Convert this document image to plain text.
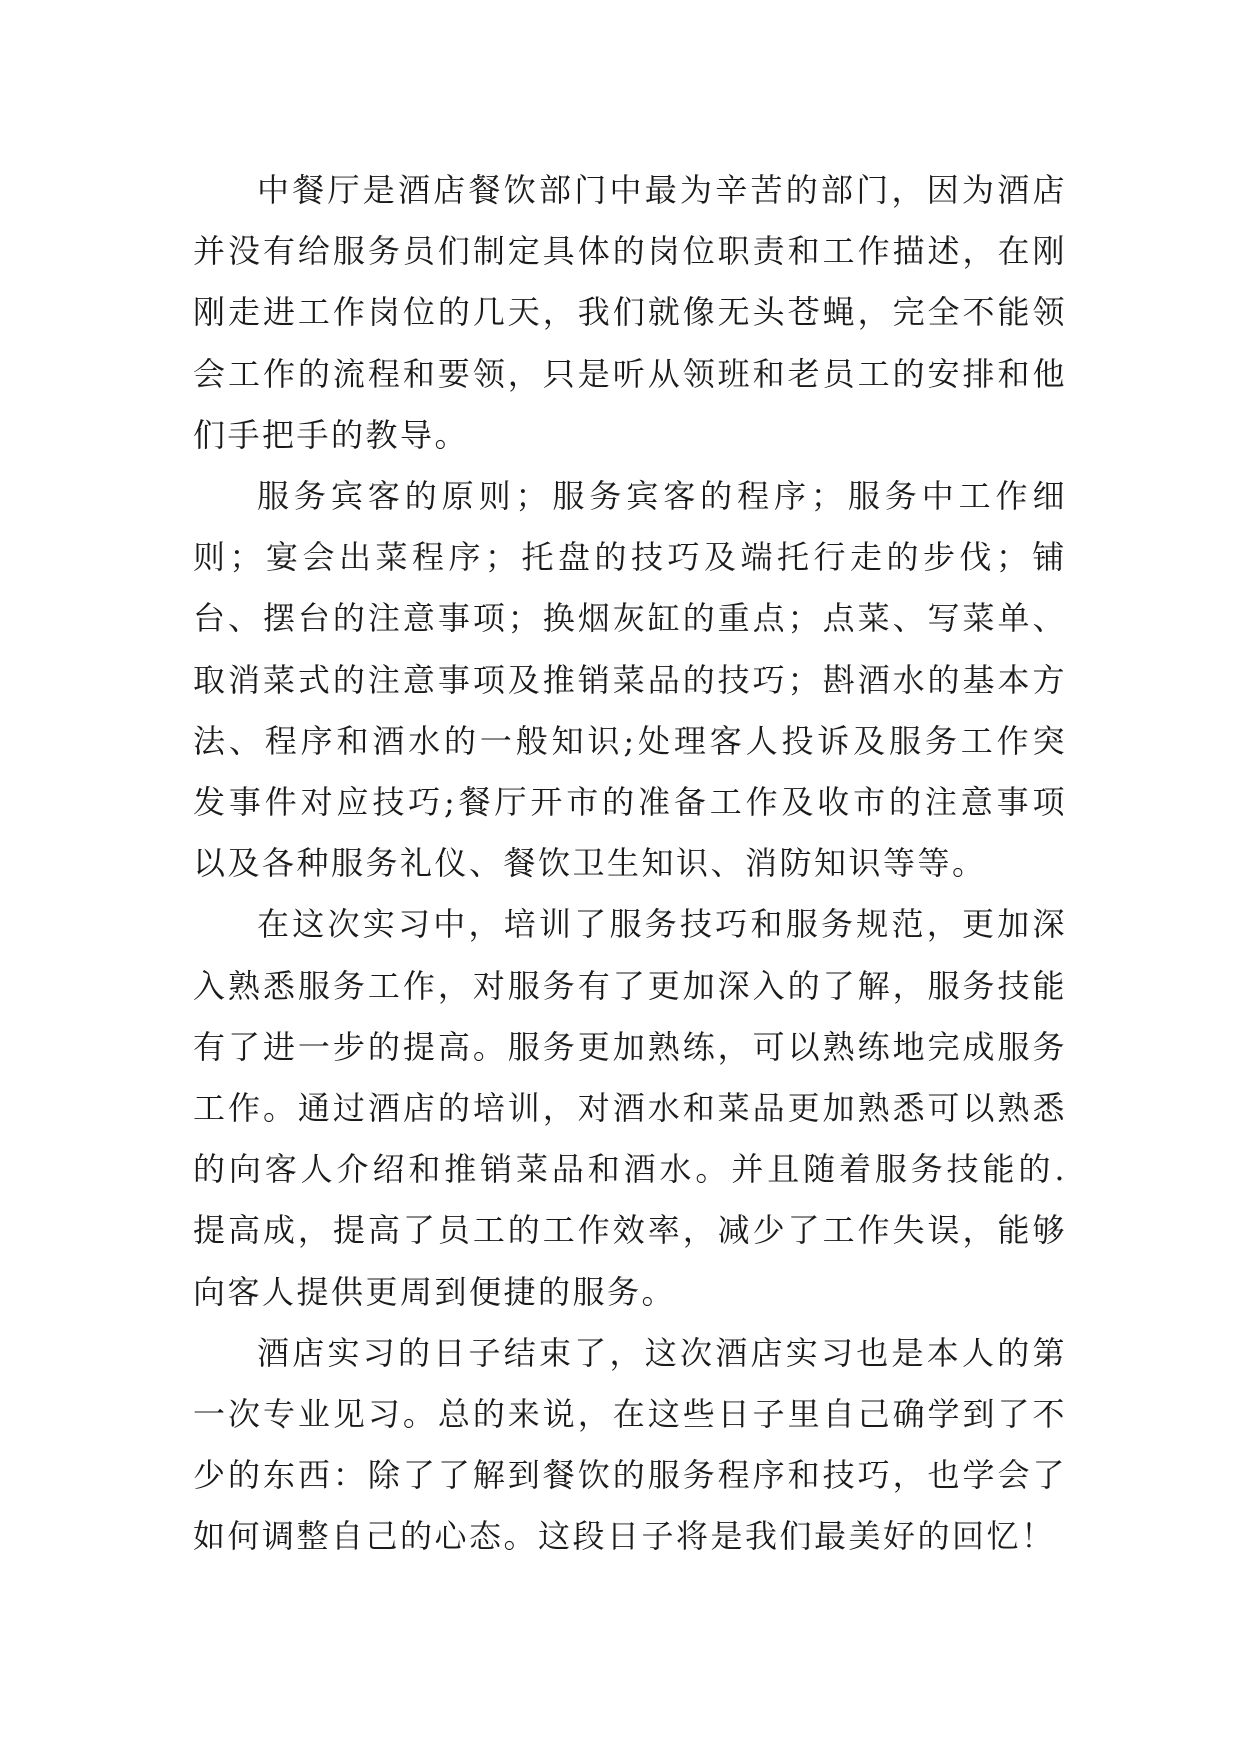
中餐厅是酒店餐饮部门中最为辛苦的部门，因为酒店并没有给服务员们制定具体的岗位职责和工作描述，在刚刚走进工作岗位的几天，我们就像无头苍蝇，完全不能领会工作的流程和要领，只是听从领班和老员工的安排和他们手把手的教导。

服务宾客的原则；服务宾客的程序；服务中工作细则；宴会出菜程序；托盘的技巧及端托行走的步伐；铺台、摆台的注意事项；换烟灰缸的重点；点菜、写菜单、取消菜式的注意事项及推销菜品的技巧；斟酒水的基本方法、程序和酒水的一般知识;处理客人投诉及服务工作突发事件对应技巧;餐厅开市的准备工作及收市的注意事项以及各种服务礼仪、餐饮卫生知识、消防知识等等。

在这次实习中，培训了服务技巧和服务规范，更加深入熟悉服务工作，对服务有了更加深入的了解，服务技能有了进一步的提高。服务更加熟练，可以熟练地完成服务工作。通过酒店的培训，对酒水和菜品更加熟悉可以熟悉的向客人介绍和推销菜品和酒水。并且随着服务技能的.提高成，提高了员工的工作效率，减少了工作失误，能够向客人提供更周到便捷的服务。

酒店实习的日子结束了，这次酒店实习也是本人的第一次专业见习。总的来说，在这些日子里自己确学到了不少的东西：除了了解到餐饮的服务程序和技巧，也学会了如何调整自己的心态。这段日子将是我们最美好的回忆！
